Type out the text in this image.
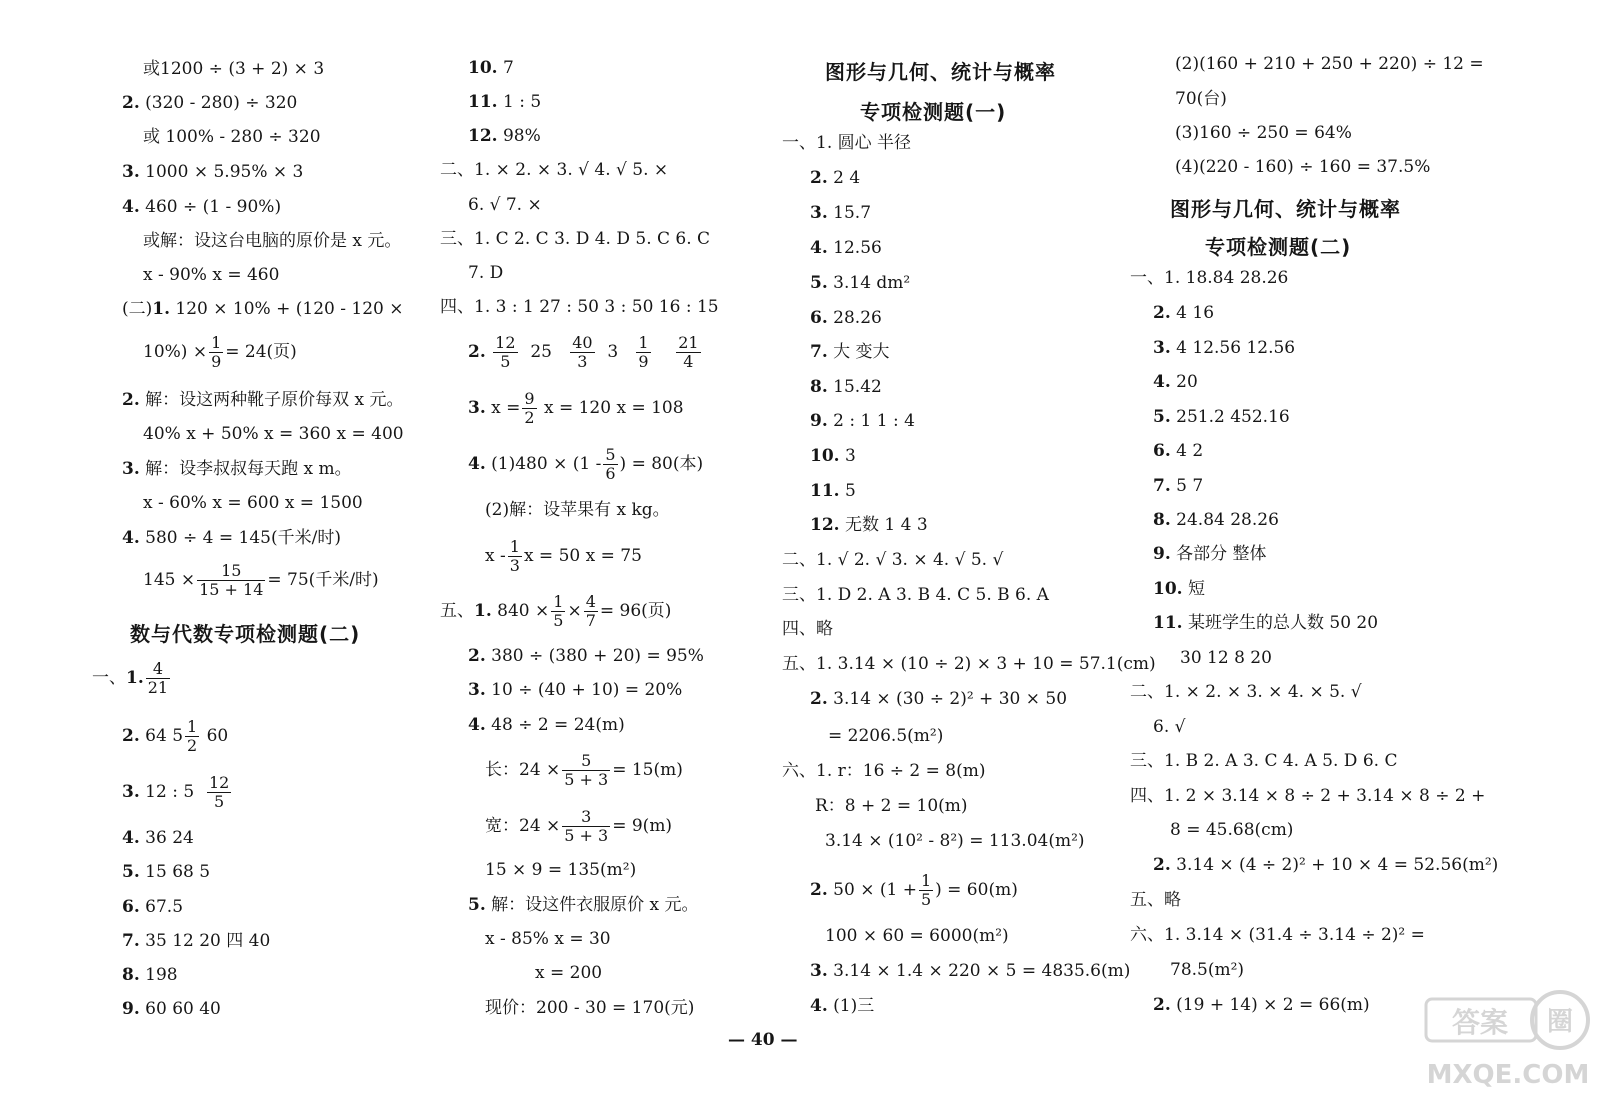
或1200 ÷ (3 + 2) × 3
2. (320 - 280) ÷ 320
或 100% - 280 ÷ 320
3. 1000 × 5.95% × 3
4. 460 ÷ (1 - 90%)
或解：设这台电脑的原价是 x 元。
x - 90% x = 460
(二)1. 120 × 10% + (120 - 120 ×
$10\%) \times \frac{1}{9} = 24$(页)
2. 解：设这两种靴子原价每双 x 元。
40% x + 50% x = 360 x = 400
3. 解：设李叔叔每天跑 x m。
x - 60% x = 600 x = 1500
4. 580 ÷ 4 = 145(千米/时)
$145 \times \frac{15}{15 + 14} = 75$(千米/时)
数与代数专项检测题(二)
一、1. $\frac{4}{21}$
2. 64 $5 \frac{1}{2} 60$
3. 12 : $5 \frac{12}{5}$
4. 36 24
5. 15 68 5
6. 67.5
7. 35 12 20 四 40
8. 198
9. 60 60 40
10. 7
11. 1 : 5
12. 98%
二、1. × 2. × 3. √ 4. √ 5. ×
6. √ 7. ×
三、1. C 2. C 3. D 4. D 5. C 6. C
7. D
四、1. 3 : 1 27 : 50 3 : 50 16 : 15
2. $\frac{12}{5} 25 \frac{40}{3} 3 \frac{1}{9}$
$\frac{21}{4}$
3. $x = \frac{9}{2}$ x = 120 x = 108
4. $(1)480 \times (1 - \frac{5}{6}$ ) = 80(本)
(2)解：设苹果有 x kg。
x - $\frac{1}{3}$ x = 50 x = 75
五、1. $840 \times \frac{1}{5} \times \frac{4}{7} = 96$(页)
2. 380 ÷ (380 + 20) = 95%
3. 10 ÷ (40 + 10) = 20%
4. 48 ÷ 2 = 24(m)
长：$24 \times \frac{5}{5 + 3} = 15(m)$
宽：$24 \times \frac{3}{5 + 3} = 9(m)$
15 × 9 = 135(m²)
5. 解：设这件衣服原价 x 元。
x - 85% x = 30
x = 200
现价：200 - 30 = 170(元)
图形与几何、统计与概率
专项检测题(一)
一、1. 圆心 半径
2. 2 4
3. 15.7
4. 12.56
5. 3.14 dm²
6. 28.26
7. 大 变大
8. 15.42
9. 2 : 1 1 : 4
10. 3
11. 5
12. 无数 1 4 3
二、1. √ 2. √ 3. × 4. √ 5. √
三、1. D 2. A 3. B 4. C 5. B 6. A
四、略
五、1. 3.14 × (10 ÷ 2) × 3 + 10 = 57.1(cm)
2. 3.14 × (30 ÷ 2)² + 30 × 50
= 2206.5(m²)
六、1. r：16 ÷ 2 = 8(m)
R：8 + 2 = 10(m)
3.14 × (10² - 8²) = 113.04(m²)
2. $50 \times (1 + \frac{1}{5}$ ) = 60(m)
100 × 60 = 6000(m²)
3. 3.14 × 1.4 × 220 × 5 = 4835.6(m)
4. (1)三
(2)(160 + 210 + 250 + 220) ÷ 12 =
70(台)
(3)160 ÷ 250 = 64%
(4)(220 - 160) ÷ 160 = 37.5%
图形与几何、统计与概率
专项检测题(二)
一、1. 18.84 28.26
2. 4 16
3. 4 12.56 12.56
4. 20
5. 251.2 452.16
6. 4 2
7. 5 7
8. 24.84 28.26
9. 各部分 整体
10. 短
11. 某班学生的总人数 50 20
30 12 8 20
二、1. × 2. × 3. × 4. × 5. √
6. √
三、1. B 2. A 3. C 4. A 5. D 6. C
四、1. 2 × 3.14 × 8 ÷ 2 + 3.14 × 8 ÷ 2 +
8 = 45.68(cm)
2. 3.14 × (4 ÷ 2)² + 10 × 4 = 52.56(m²)
五、略
六、1. 3.14 × (31.4 ÷ 3.14 ÷ 2)² =
78.5(m²)
2. (19 + 14) × 2 = 66(m)
— 40 —
答案 圈
MXQE.COM
